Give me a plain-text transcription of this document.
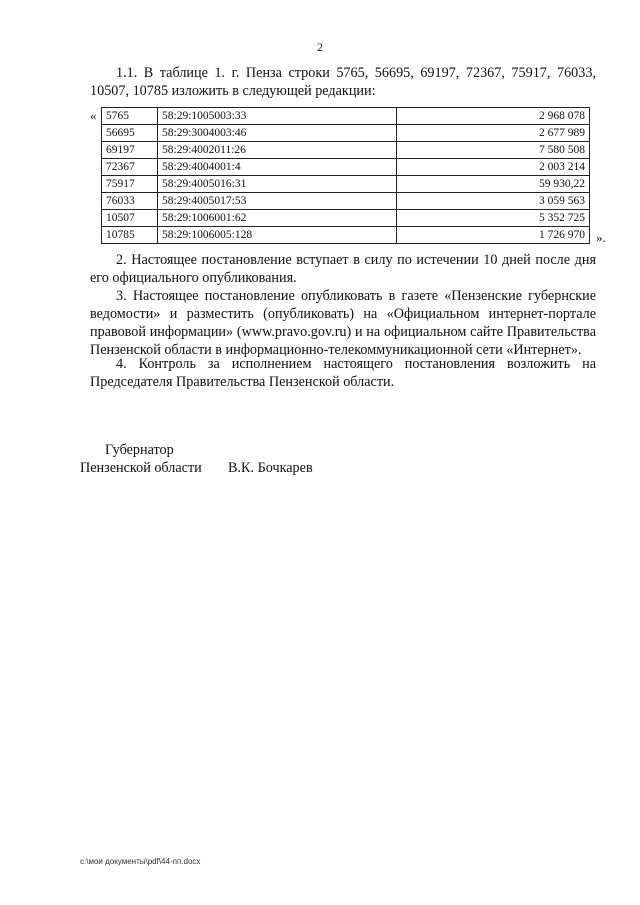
2

1.1. В таблице 1. г. Пенза строки 5765, 56695, 69197, 72367, 75917, 76033, 10507, 10785 изложить в следующей редакции:

« 5765	58:29:1005003:33	2 968 078
56695	58:29:3004003:46	2 677 989
69197	58:29:4002011:26	7 580 508
72367	58:29:4004001:4	2 003 214
75917	58:29:4005016:31	59 930,22
76033	58:29:4005017:53	3 059 563
10507	58:29:1006001:62	5 352 725
10785	58:29:1006005:128	1 726 970 ».

2. Настоящее постановление вступает в силу по истечении 10 дней после дня его официального опубликования.

3. Настоящее постановление опубликовать в газете «Пензенские губернские ведомости» и разместить (опубликовать) на «Официальном интернет-портале правовой информации» (www.pravo.gov.ru) и на официальном сайте Правительства Пензенской области в информационно-телекоммуникационной сети «Интернет».

4. Контроль за исполнением настоящего постановления возложить на Председателя Правительства Пензенской области.

Губернатор
Пензенской области В.К. Бочкарев
c:\мои документы\pdf\44-пп.docx
